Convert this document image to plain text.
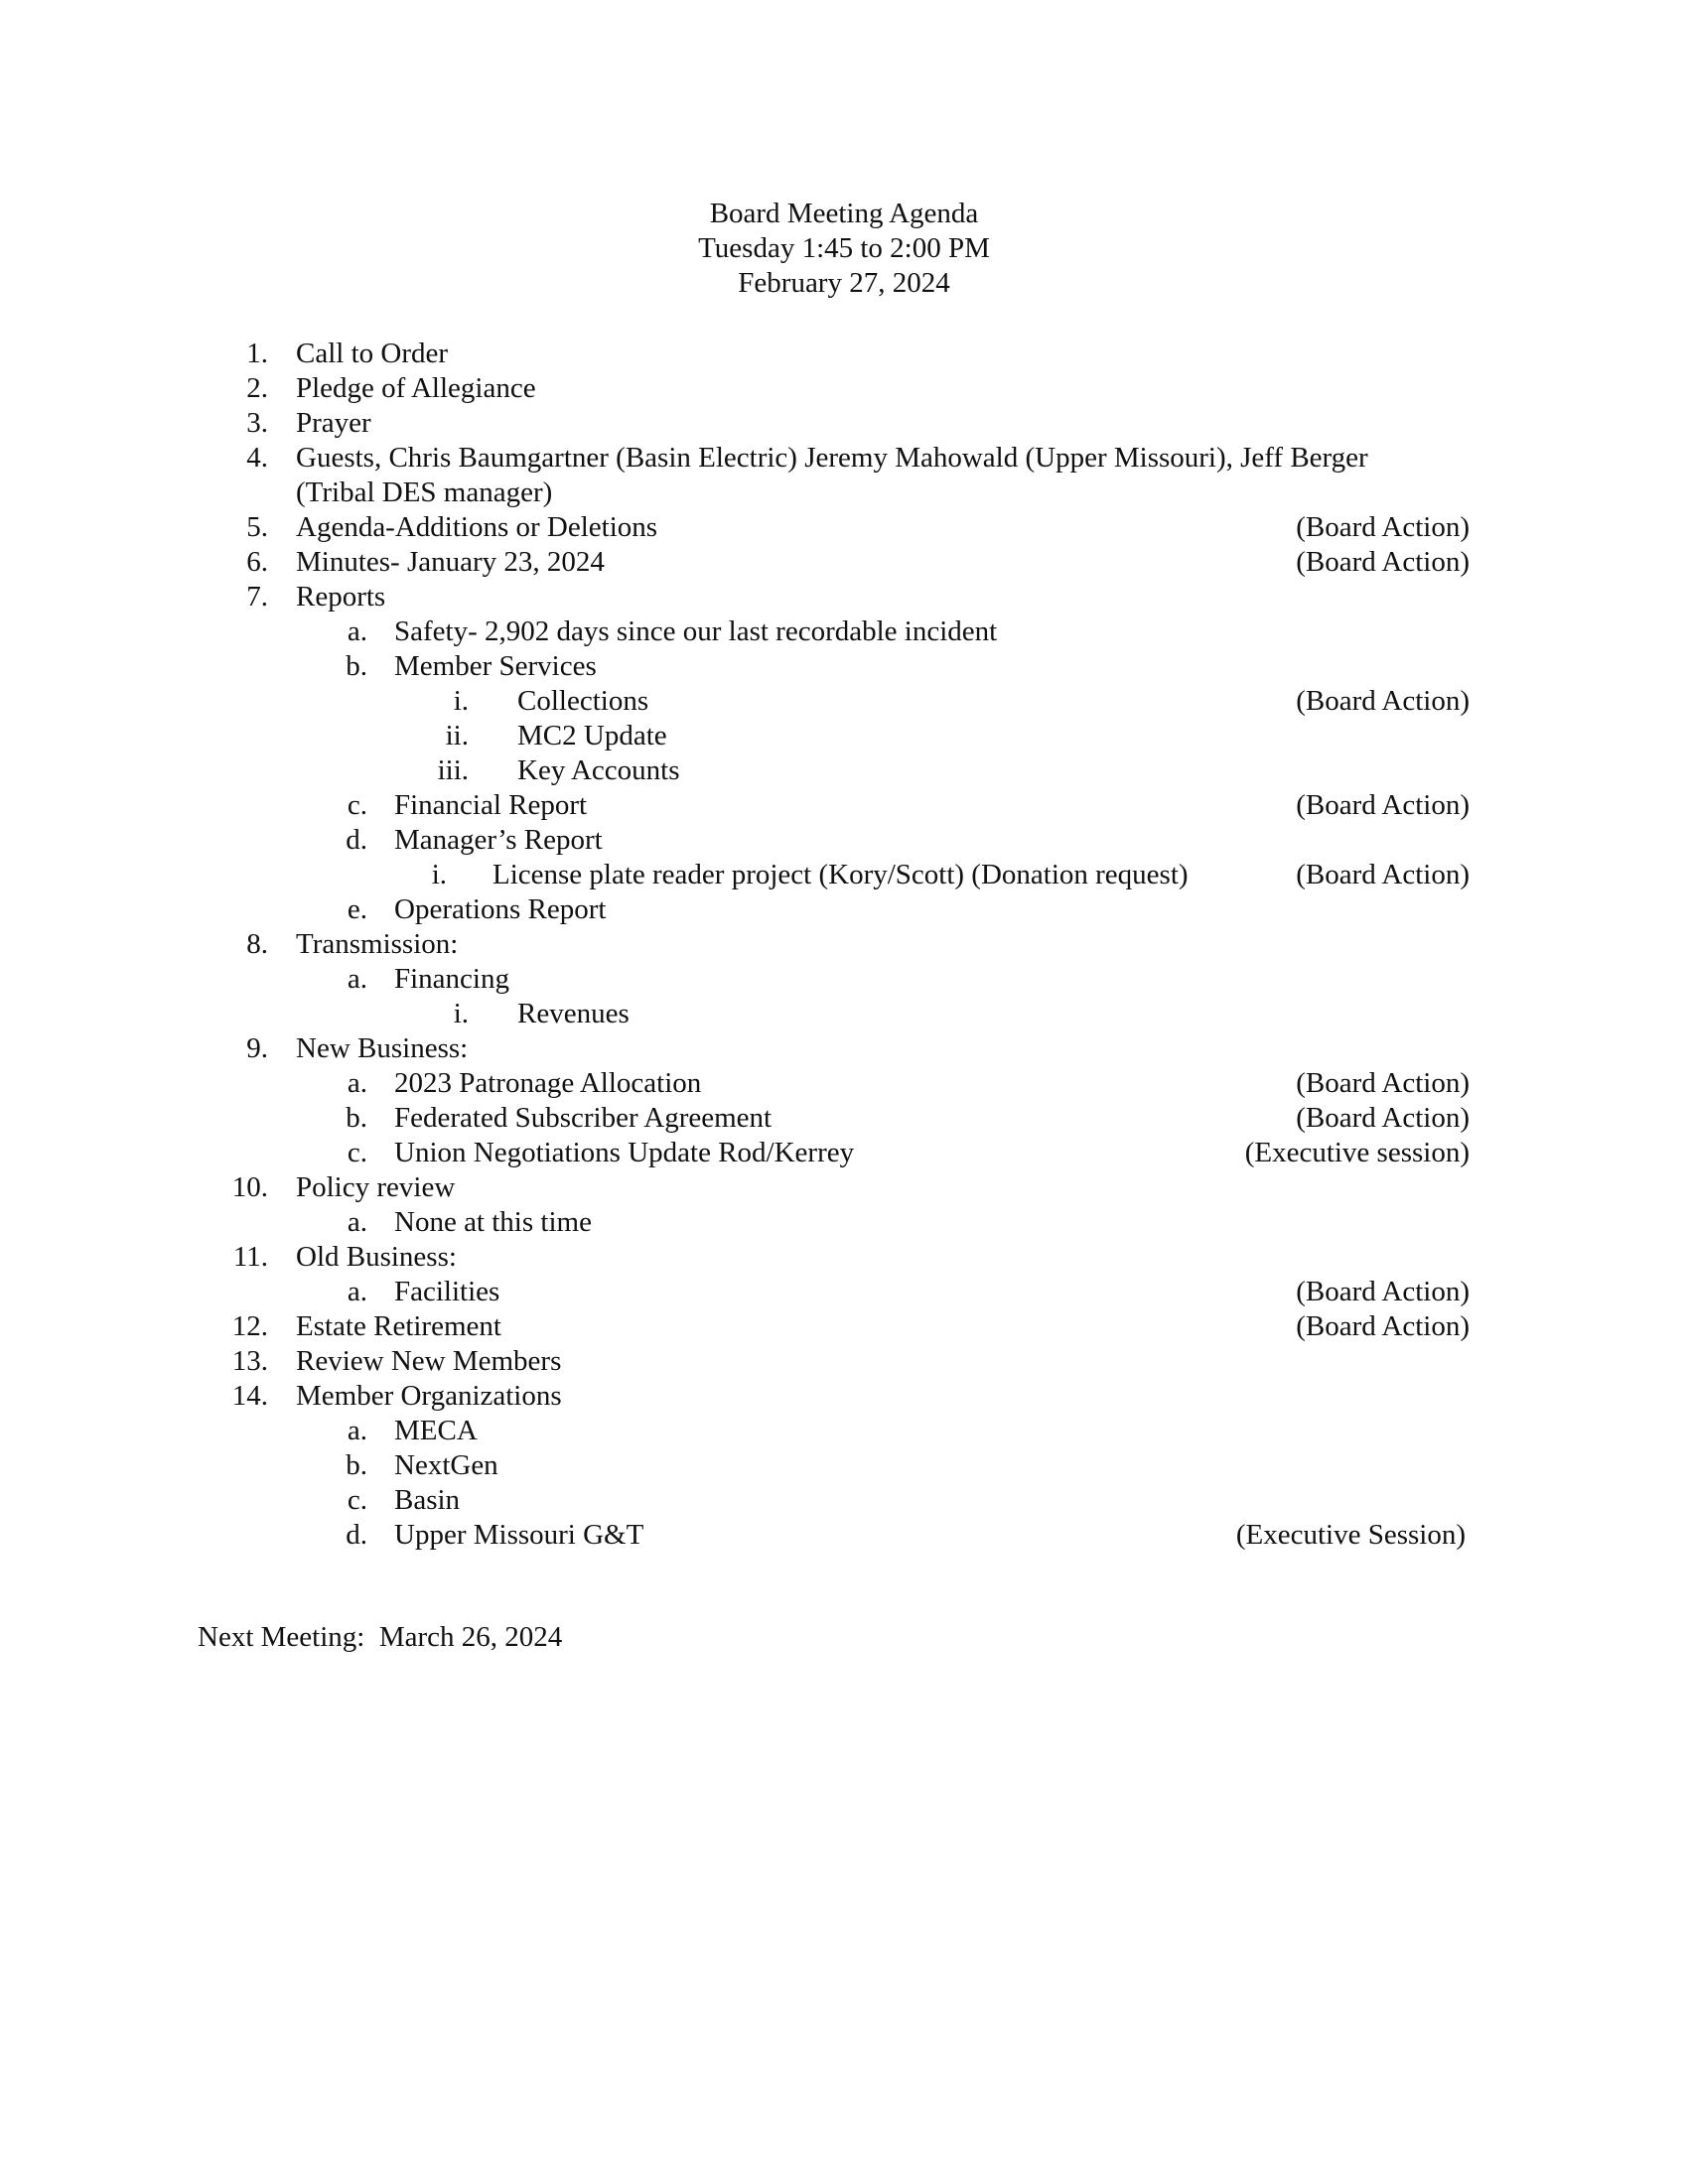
Board Meeting Agenda
Tuesday 1:45 to 2:00 PM
February 27, 2024
1. Call to Order
2. Pledge of Allegiance
3. Prayer
4. Guests, Chris Baumgartner (Basin Electric) Jeremy Mahowald (Upper Missouri), Jeff Berger
(Tribal DES manager)
5. Agenda-Additions or Deletions	(Board Action)
6. Minutes- January 23, 2024	(Board Action)
7. Reports
a. Safety- 2,902 days since our last recordable incident
b. Member Services
i. Collections	(Board Action)
ii. MC2 Update
iii. Key Accounts
c. Financial Report	(Board Action)
d. Manager’s Report
i. License plate reader project (Kory/Scott) (Donation request)	(Board Action)
e. Operations Report
8. Transmission:
a. Financing
i. Revenues
9. New Business:
a. 2023 Patronage Allocation	(Board Action)
b. Federated Subscriber Agreement	(Board Action)
c. Union Negotiations Update Rod/Kerrey	(Executive session)
10. Policy review
a. None at this time
11. Old Business:
a. Facilities	(Board Action)
12. Estate Retirement	(Board Action)
13. Review New Members
14. Member Organizations
a. MECA
b. NextGen
c. Basin
d. Upper Missouri G&T	(Executive Session)
Next Meeting:  March 26, 2024
